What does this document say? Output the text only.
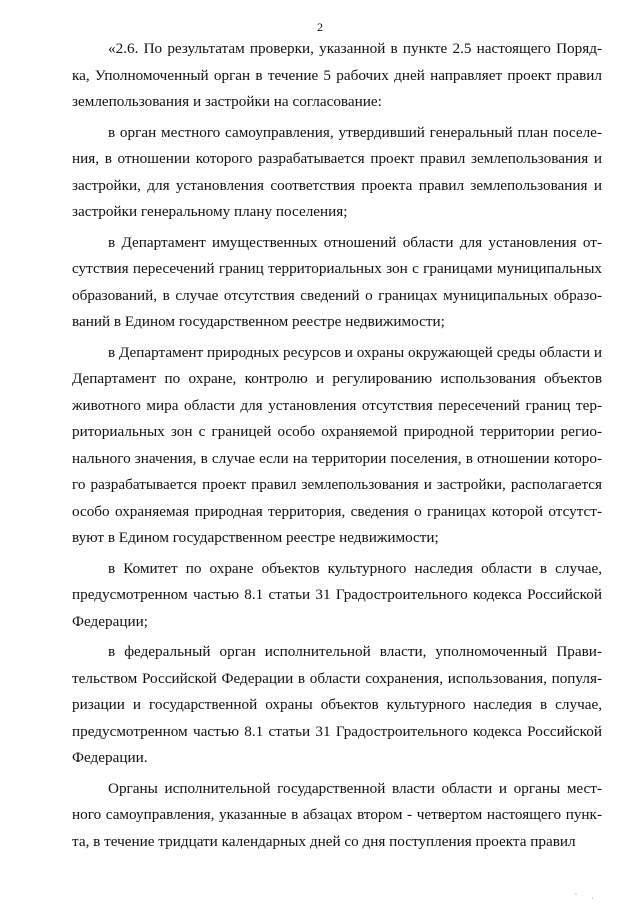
2

«2.6. По результатам проверки, указанной в пункте 2.5 настоящего Порядка, Уполномоченный орган в течение 5 рабочих дней направляет проект правил землепользования и застройки на согласование:

в орган местного самоуправления, утвердивший генеральный план поселения, в отношении которого разрабатывается проект правил землепользования и застройки, для установления соответствия проекта правил землепользования и застройки генеральному плану поселения;

в Департамент имущественных отношений области для установления отсутствия пересечений границ территориальных зон с границами муниципальных образований, в случае отсутствия сведений о границах муниципальных образований в Едином государственном реестре недвижимости;

в Департамент природных ресурсов и охраны окружающей среды области и Департамент по охране, контролю и регулированию использования объектов животного мира области для установления отсутствия пересечений границ территориальных зон с границей особо охраняемой природной территории регионального значения, в случае если на территории поселения, в отношении которого разрабатывается проект правил землепользования и застройки, располагается особо охраняемая природная территория, сведения о границах которой отсутствуют в Едином государственном реестре недвижимости;

в Комитет по охране объектов культурного наследия области в случае, предусмотренном частью 8.1 статьи 31 Градостроительного кодекса Российской Федерации;

в федеральный орган исполнительной власти, уполномоченный Правительством Российской Федерации в области сохранения, использования, популяризации и государственной охраны объектов культурного наследия в случае, предусмотренном частью 8.1 статьи 31 Градостроительного кодекса Российской Федерации.

Органы исполнительной государственной власти области и органы местного самоуправления, указанные в абзацах втором - четвертом настоящего пункта, в течение тридцати календарных дней со дня поступления проекта правил

· ˌ
